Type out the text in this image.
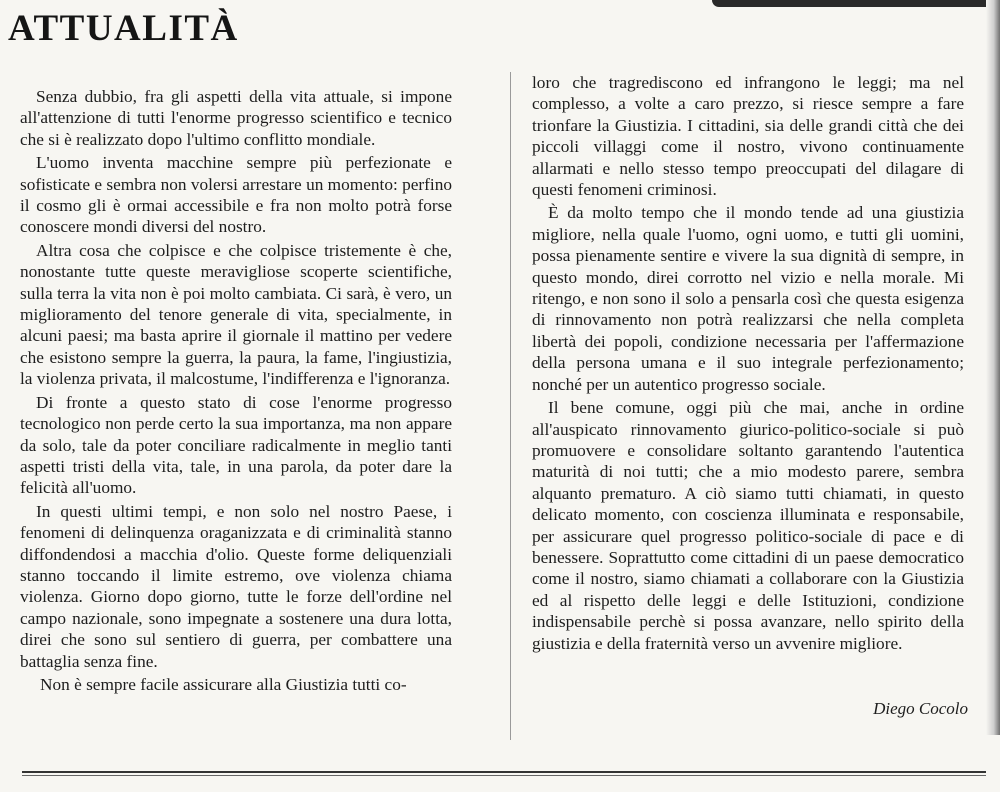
ATTUALITÀ

Senza dubbio, fra gli aspetti della vita attuale, si impone all'attenzione di tutti l'enorme progresso scientifico e tecnico che si è realizzato dopo l'ultimo conflitto mondiale.

L'uomo inventa macchine sempre più perfezionate e sofisticate e sembra non volersi arrestare un momento: perfino il cosmo gli è ormai accessibile e fra non molto potrà forse conoscere mondi diversi del nostro.

Altra cosa che colpisce e che colpisce tristemente è che, nonostante tutte queste meravigliose scoperte scientifiche, sulla terra la vita non è poi molto cambiata. Ci sarà, è vero, un miglioramento del tenore generale di vita, specialmente, in alcuni paesi; ma basta aprire il giornale il mattino per vedere che esistono sempre la guerra, la paura, la fame, l'ingiustizia, la violenza privata, il malcostume, l'indifferenza e l'ignoranza.

Di fronte a questo stato di cose l'enorme progresso tecnologico non perde certo la sua importanza, ma non appare da solo, tale da poter conciliare radicalmente in meglio tanti aspetti tristi della vita, tale, in una parola, da poter dare la felicità all'uomo.

In questi ultimi tempi, e non solo nel nostro Paese, i fenomeni di delinquenza oraganizzata e di criminalità stanno diffondendosi a macchia d'olio. Queste forme deliquenziali stanno toccando il limite estremo, ove violenza chiama violenza. Giorno dopo giorno, tutte le forze dell'ordine nel campo nazionale, sono impegnate a sostenere una dura lotta, direi che sono sul sentiero di guerra, per combattere una battaglia senza fine.

Non è sempre facile assicurare alla Giustizia tutti co-

loro che tragrediscono ed infrangono le leggi; ma nel complesso, a volte a caro prezzo, si riesce sempre a fare trionfare la Giustizia. I cittadini, sia delle grandi città che dei piccoli villaggi come il nostro, vivono continuamente allarmati e nello stesso tempo preoccupati del dilagare di questi fenomeni criminosi.

È da molto tempo che il mondo tende ad una giustizia migliore, nella quale l'uomo, ogni uomo, e tutti gli uomini, possa pienamente sentire e vivere la sua dignità di sempre, in questo mondo, direi corrotto nel vizio e nella morale. Mi ritengo, e non sono il solo a pensarla così che questa esigenza di rinnovamento non potrà realizzarsi che nella completa libertà dei popoli, condizione necessaria per l'affermazione della persona umana e il suo integrale perfezionamento; nonché per un autentico progresso sociale.

Il bene comune, oggi più che mai, anche in ordine all'auspicato rinnovamento giurico-politico-sociale si può promuovere e consolidare soltanto garantendo l'autentica maturità di noi tutti; che a mio modesto parere, sembra alquanto prematuro. A ciò siamo tutti chiamati, in questo delicato momento, con coscienza illuminata e responsabile, per assicurare quel progresso politico-sociale di pace e di benessere. Soprattutto come cittadini di un paese democratico come il nostro, siamo chiamati a collaborare con la Giustizia ed al rispetto delle leggi e delle Istituzioni, condizione indispensabile perchè si possa avanzare, nello spirito della giustizia e della fraternità verso un avvenire migliore.

Diego Cocolo
